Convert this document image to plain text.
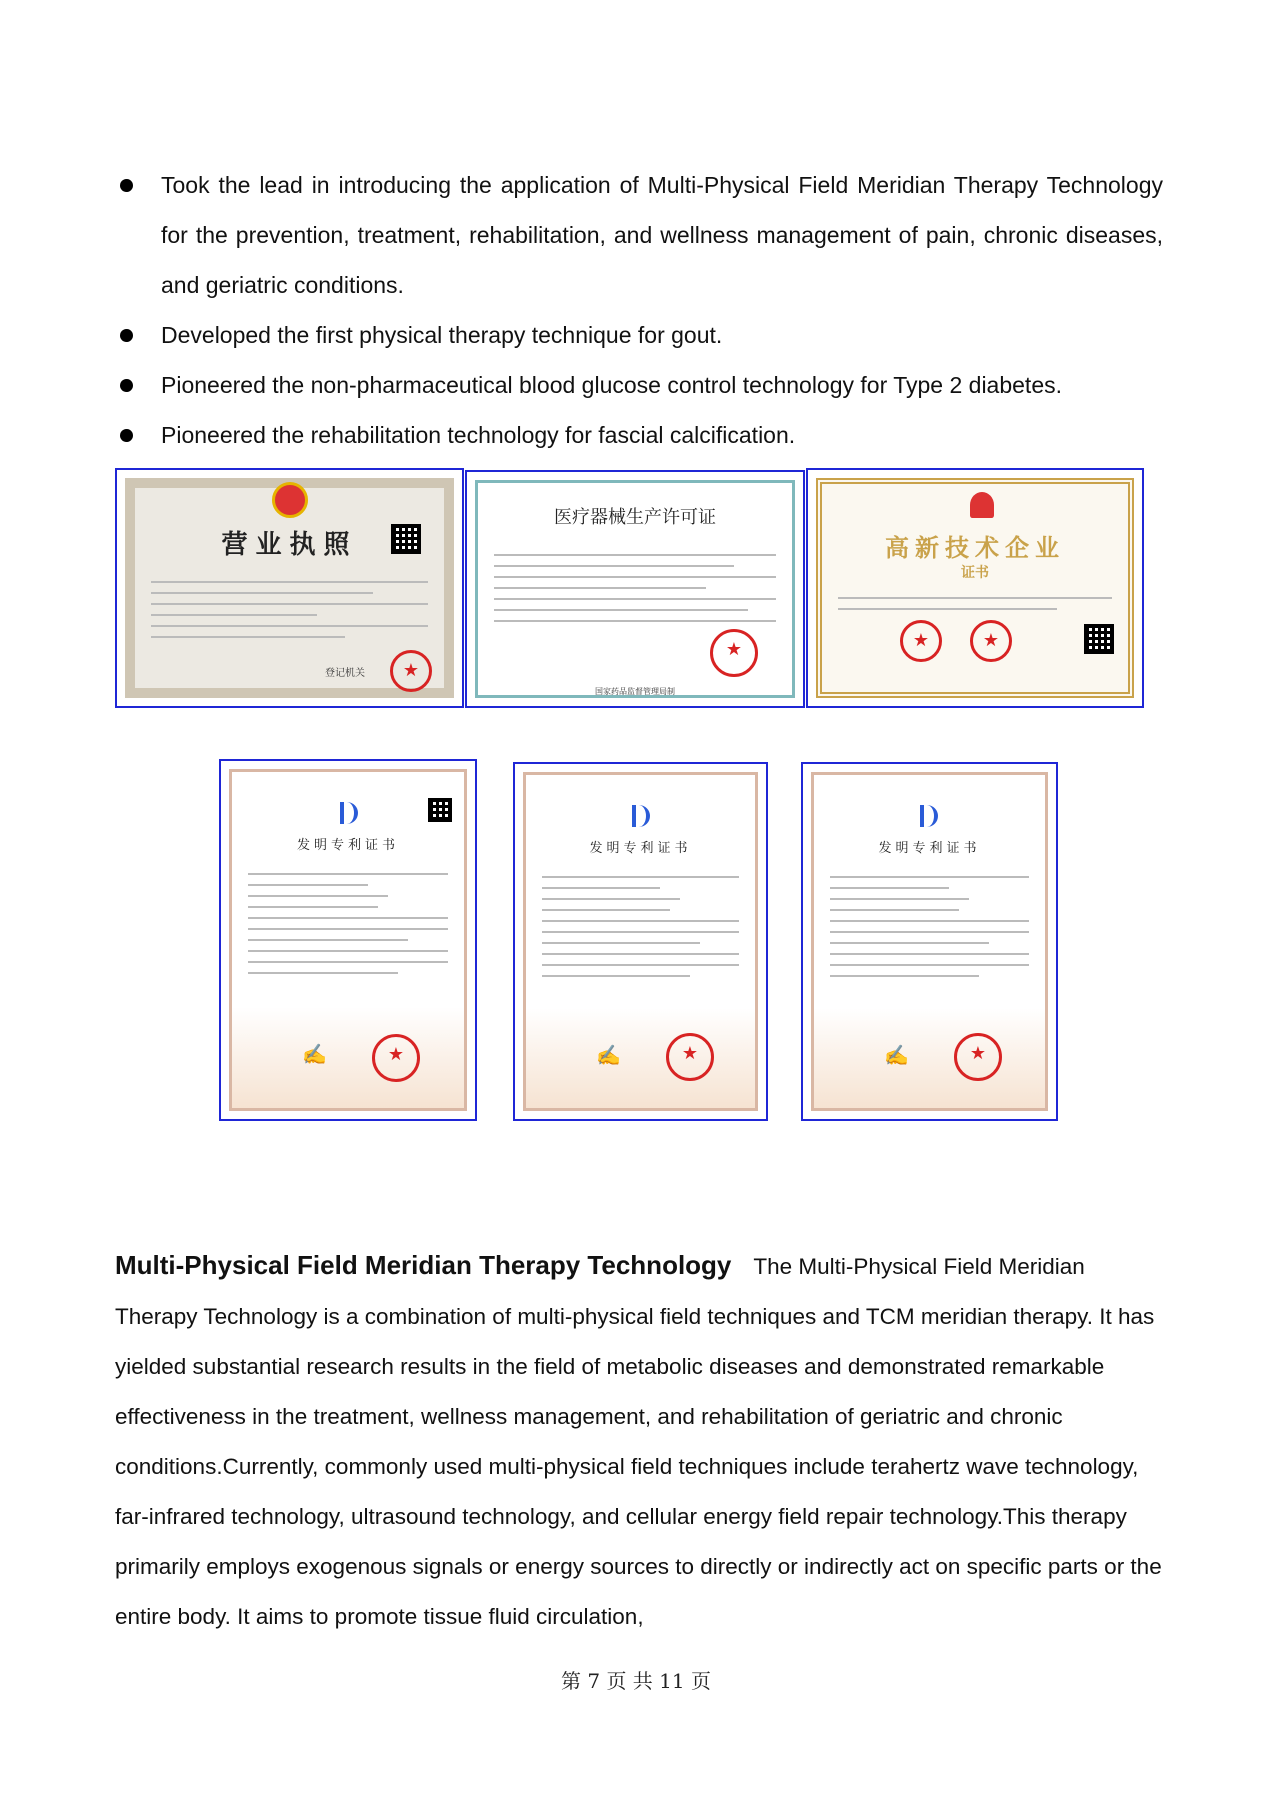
Took the lead in introducing the application of Multi-Physical Field Meridian Therapy Technology for the prevention, treatment, rehabilitation, and wellness management of pain, chronic diseases, and geriatric conditions.
Developed the first physical therapy technique for gout.
Pioneered the non-pharmaceutical blood glucose control technology for Type 2 diabetes.
Pioneered the rehabilitation technology for fascial calcification.
营业执照
登记机关
★
医疗器械生产许可证
★
国家药品监督管理局制
高新技术企业
证书
★
★
发明专利证书
✍
★
发明专利证书
✍
★
发明专利证书
✍
★
Multi-Physical Field Meridian Therapy Technology The Multi-Physical Field Meridian Therapy Technology is a combination of multi-physical field techniques and TCM meridian therapy. It has yielded substantial research results in the field of metabolic diseases and demonstrated remarkable effectiveness in the treatment, wellness management, and rehabilitation of geriatric and chronic conditions.Currently, commonly used multi-physical field techniques include terahertz wave technology, far-infrared technology, ultrasound technology, and cellular energy field repair technology.This therapy primarily employs exogenous signals or energy sources to directly or indirectly act on specific parts or the entire body. It aims to promote tissue fluid circulation,
第 7 页 共 11 页
